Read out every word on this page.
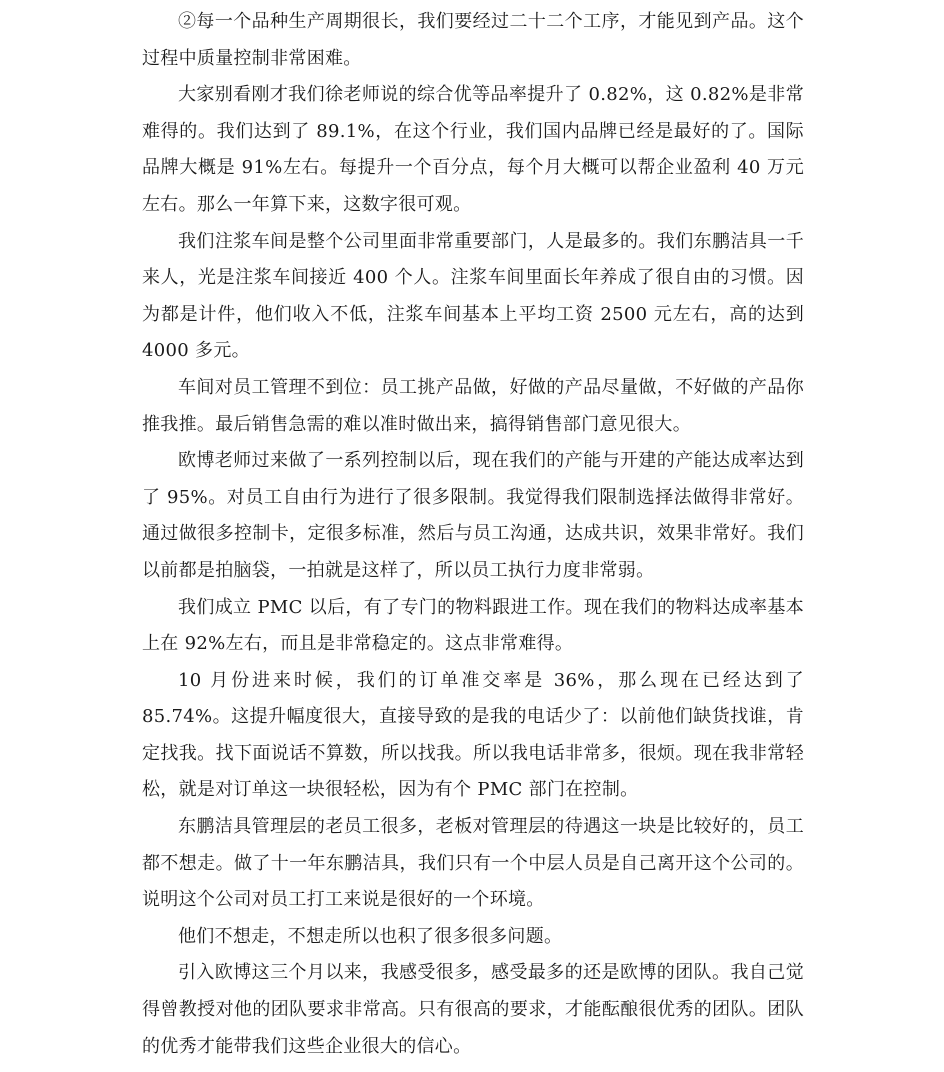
②每一个品种生产周期很长，我们要经过二十二个工序，才能见到产品。这个过程中质量控制非常困难。

大家别看刚才我们徐老师说的综合优等品率提升了 0.82%，这 0.82%是非常难得的。我们达到了 89.1%，在这个行业，我们国内品牌已经是最好的了。国际品牌大概是 91%左右。每提升一个百分点，每个月大概可以帮企业盈利 40 万元左右。那么一年算下来，这数字很可观。

我们注浆车间是整个公司里面非常重要部门，人是最多的。我们东鹏洁具一千来人，光是注浆车间接近 400 个人。注浆车间里面长年养成了很自由的习惯。因为都是计件，他们收入不低，注浆车间基本上平均工资 2500 元左右，高的达到 4000 多元。

车间对员工管理不到位：员工挑产品做，好做的产品尽量做，不好做的产品你推我推。最后销售急需的难以准时做出来，搞得销售部门意见很大。

欧博老师过来做了一系列控制以后，现在我们的产能与开建的产能达成率达到了 95%。对员工自由行为进行了很多限制。我觉得我们限制选择法做得非常好。通过做很多控制卡，定很多标准，然后与员工沟通，达成共识，效果非常好。我们以前都是拍脑袋，一拍就是这样了，所以员工执行力度非常弱。

我们成立 PMC 以后，有了专门的物料跟进工作。现在我们的物料达成率基本上在 92%左右，而且是非常稳定的。这点非常难得。

10 月份进来时候，我们的订单准交率是 36%，那么现在已经达到了 85.74%。这提升幅度很大，直接导致的是我的电话少了：以前他们缺货找谁，肯定找我。找下面说话不算数，所以找我。所以我电话非常多，很烦。现在我非常轻松，就是对订单这一块很轻松，因为有个 PMC 部门在控制。

东鹏洁具管理层的老员工很多，老板对管理层的待遇这一块是比较好的，员工都不想走。做了十一年东鹏洁具，我们只有一个中层人员是自己离开这个公司的。说明这个公司对员工打工来说是很好的一个环境。

他们不想走，不想走所以也积了很多很多问题。

引入欧博这三个月以来，我感受很多，感受最多的还是欧博的团队。我自己觉得曾教授对他的团队要求非常高。只有很高的要求，才能酝酿很优秀的团队。团队的优秀才能带我们这些企业很大的信心。
